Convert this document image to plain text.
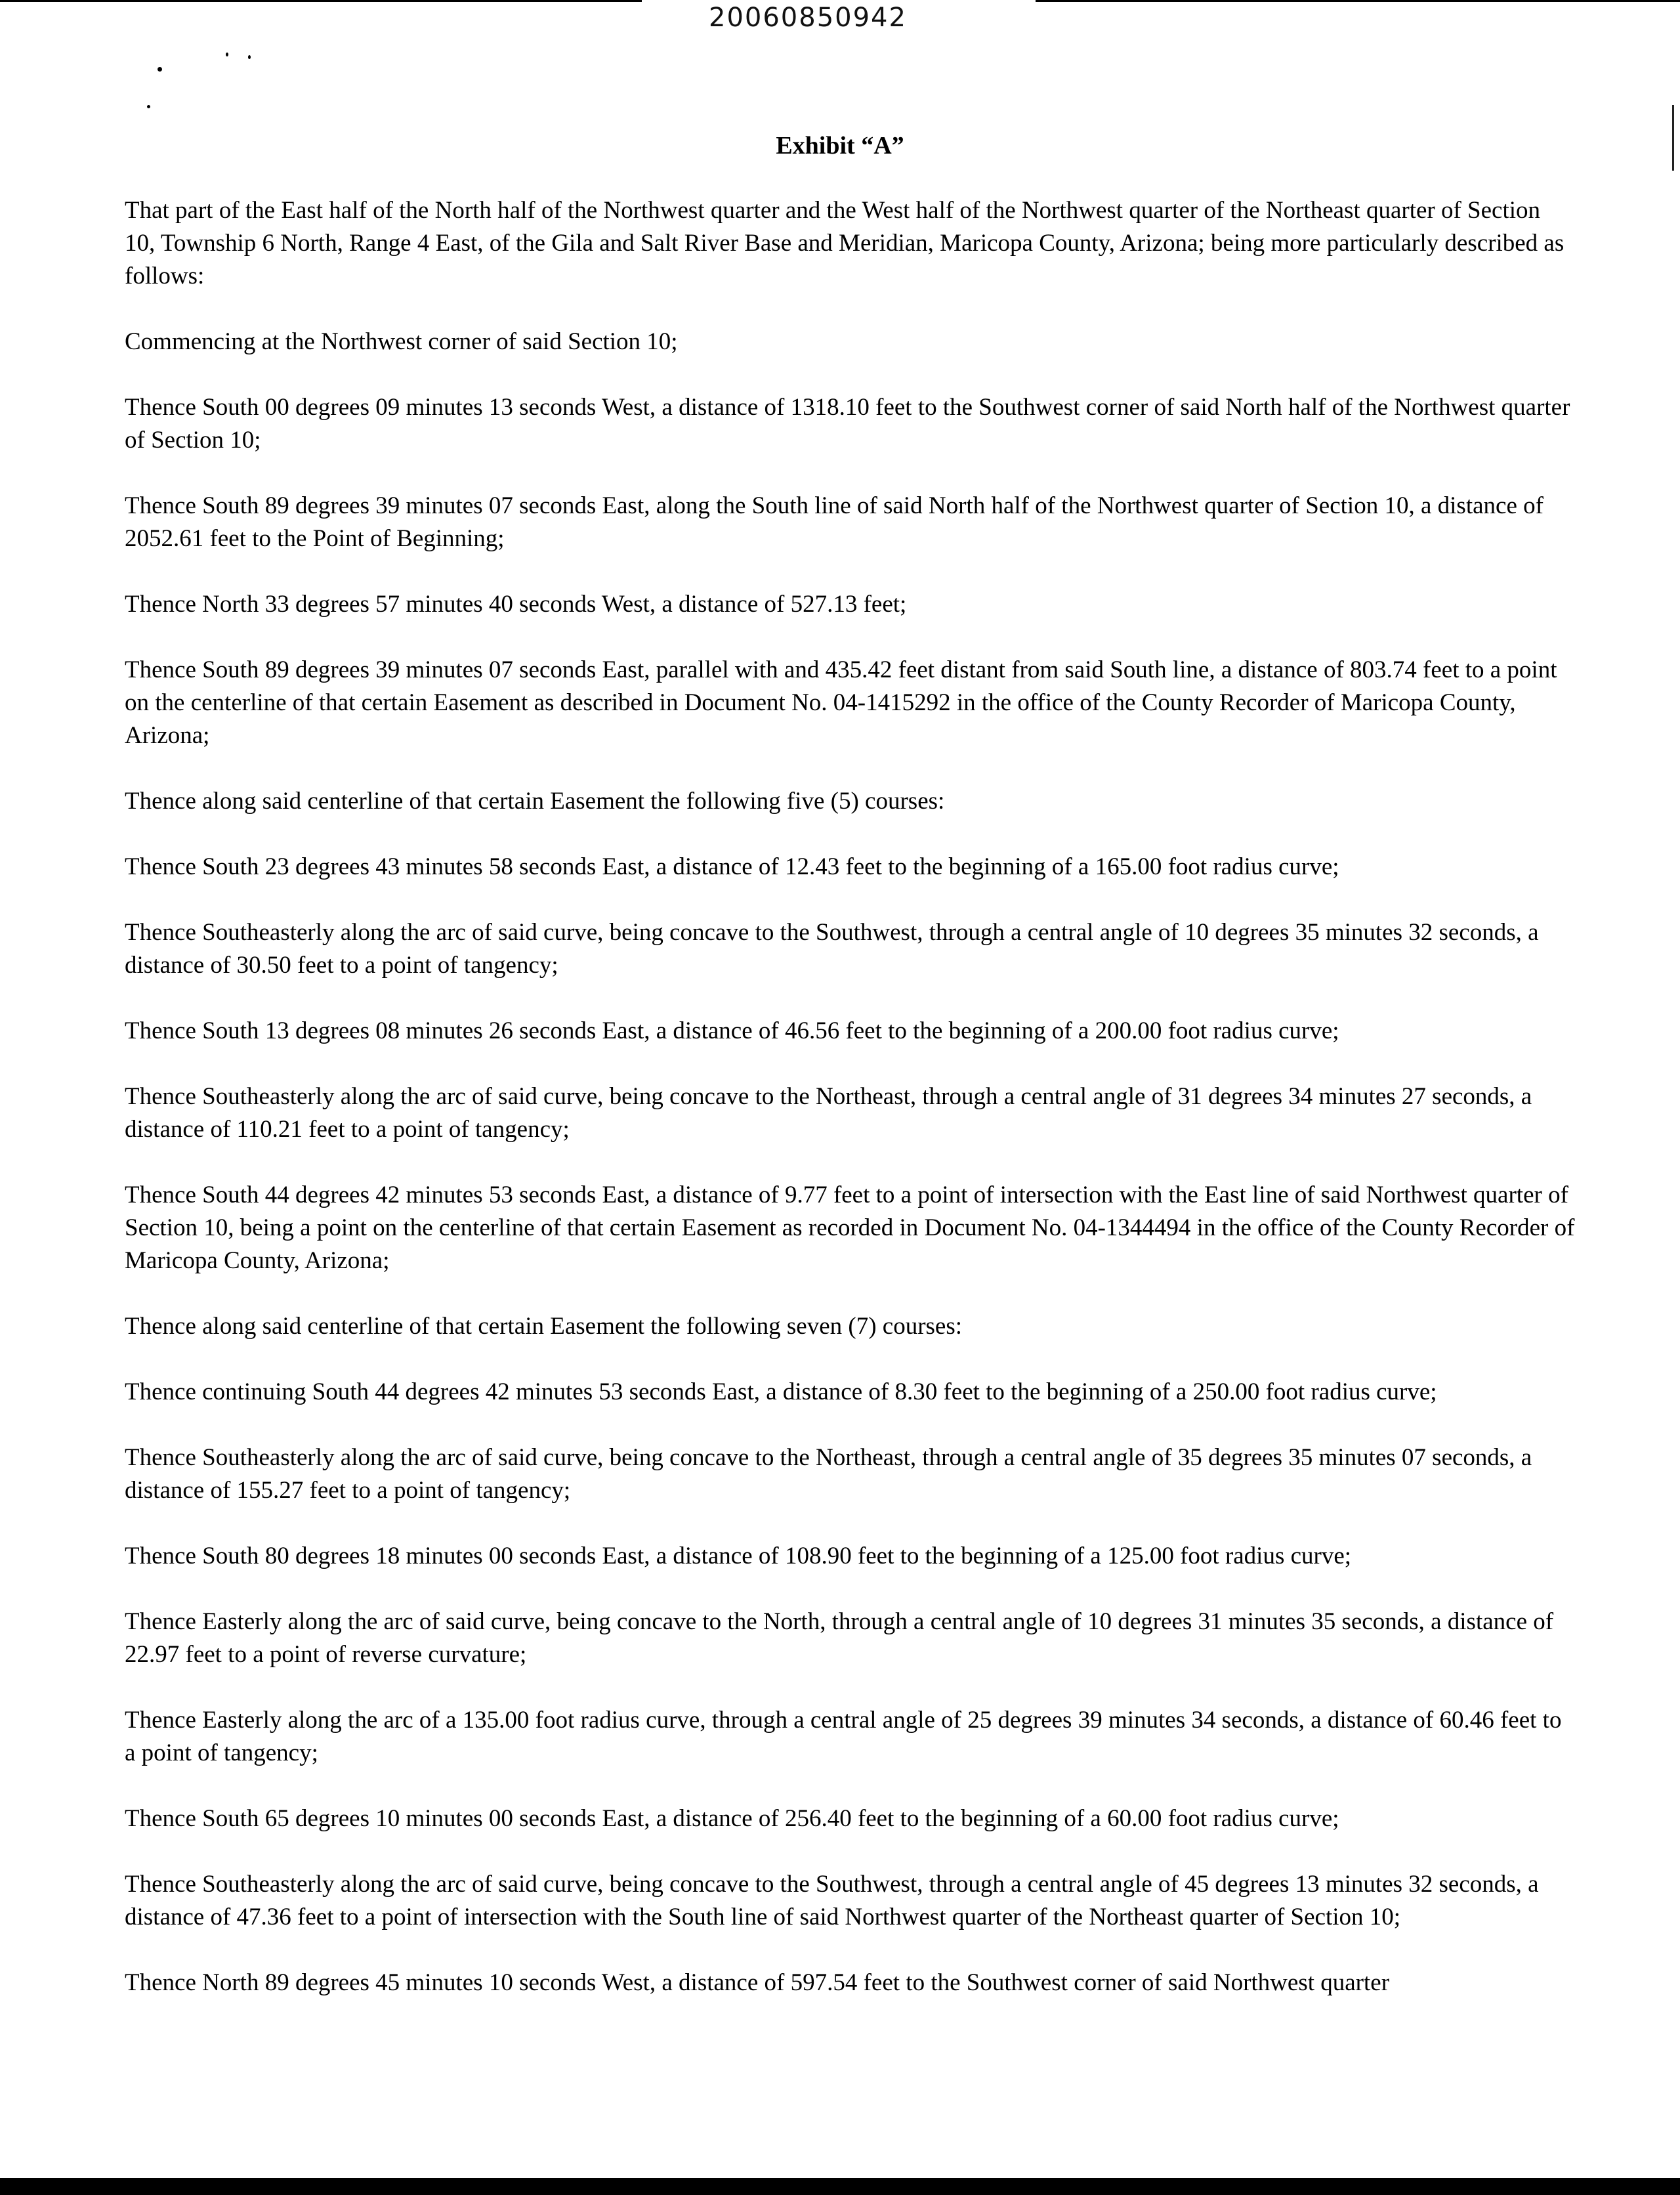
20060850942
Exhibit “A”

That part of the East half of the North half of the Northwest quarter and the West half of the Northwest quarter of the Northeast quarter of Section 10, Township 6 North, Range 4 East, of the Gila and Salt River Base and Meridian, Maricopa County, Arizona; being more particularly described as follows:

Commencing at the Northwest corner of said Section 10;

Thence South 00 degrees 09 minutes 13 seconds West, a distance of 1318.10 feet to the Southwest corner of said North half of the Northwest quarter of Section 10;

Thence South 89 degrees 39 minutes 07 seconds East, along the South line of said North half of the Northwest quarter of Section 10, a distance of 2052.61 feet to the Point of Beginning;

Thence North 33 degrees 57 minutes 40 seconds West, a distance of 527.13 feet;

Thence South 89 degrees 39 minutes 07 seconds East, parallel with and 435.42 feet distant from said South line, a distance of 803.74 feet to a point on the centerline of that certain Easement as described in Document No. 04-1415292 in the office of the County Recorder of Maricopa County, Arizona;

Thence along said centerline of that certain Easement the following five (5) courses:

Thence South 23 degrees 43 minutes 58 seconds East, a distance of 12.43 feet to the beginning of a 165.00 foot radius curve;

Thence Southeasterly along the arc of said curve, being concave to the Southwest, through a central angle of 10 degrees 35 minutes 32 seconds, a distance of 30.50 feet to a point of tangency;

Thence South 13 degrees 08 minutes 26 seconds East, a distance of 46.56 feet to the beginning of a 200.00 foot radius curve;

Thence Southeasterly along the arc of said curve, being concave to the Northeast, through a central angle of 31 degrees 34 minutes 27 seconds, a distance of 110.21 feet to a point of tangency;

Thence South 44 degrees 42 minutes 53 seconds East, a distance of 9.77 feet to a point of intersection with the East line of said Northwest quarter of Section 10, being a point on the centerline of that certain Easement as recorded in Document No. 04-1344494 in the office of the County Recorder of Maricopa County, Arizona;

Thence along said centerline of that certain Easement the following seven (7) courses:

Thence continuing South 44 degrees 42 minutes 53 seconds East, a distance of 8.30 feet to the beginning of a 250.00 foot radius curve;

Thence Southeasterly along the arc of said curve, being concave to the Northeast, through a central angle of 35 degrees 35 minutes 07 seconds, a distance of 155.27 feet to a point of tangency;

Thence South 80 degrees 18 minutes 00 seconds East, a distance of 108.90 feet to the beginning of a 125.00 foot radius curve;

Thence Easterly along the arc of said curve, being concave to the North, through a central angle of 10 degrees 31 minutes 35 seconds, a distance of 22.97 feet to a point of reverse curvature;

Thence Easterly along the arc of a 135.00 foot radius curve, through a central angle of 25 degrees 39 minutes 34 seconds, a distance of 60.46 feet to a point of tangency;

Thence South 65 degrees 10 minutes 00 seconds East, a distance of 256.40 feet to the beginning of a 60.00 foot radius curve;

Thence Southeasterly along the arc of said curve, being concave to the Southwest, through a central angle of 45 degrees 13 minutes 32 seconds, a distance of 47.36 feet to a point of intersection with the South line of said Northwest quarter of the Northeast quarter of Section 10;

Thence North 89 degrees 45 minutes 10 seconds West, a distance of 597.54 feet to the Southwest corner of said Northwest quarter
